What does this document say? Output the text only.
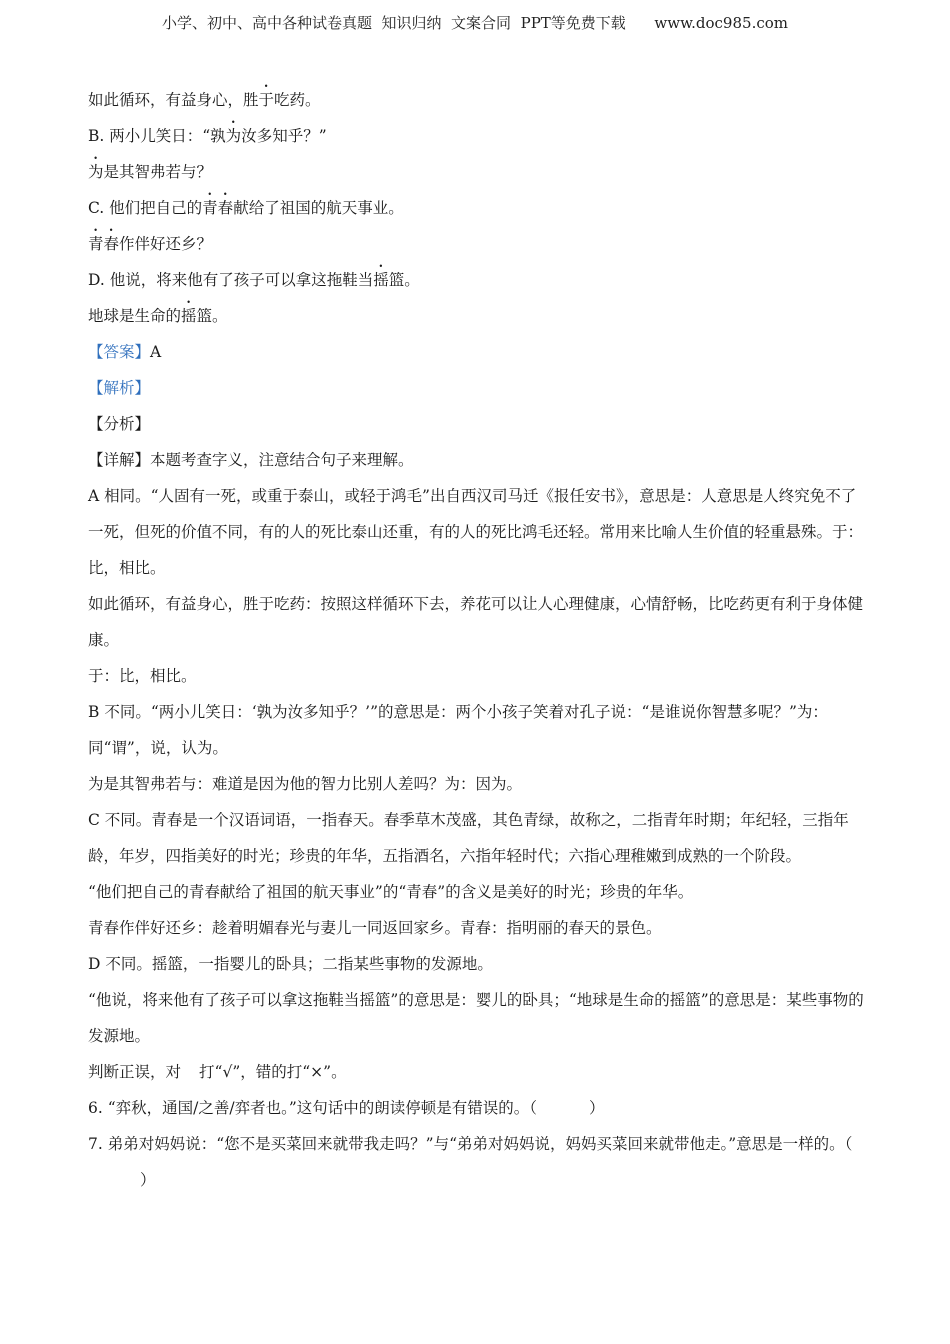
小学、初中、高中各种试卷真题  知识归纳  文案合同  PPT等免费下载      www.doc985.com
如此循环，有益身心，胜于吃药。
B. 两小儿笑日：“孰为汝多知乎？”
为是其智弗若与？
C. 他们把自己的青春献给了祖国的航天事业。
青春作伴好还乡？
D. 他说，将来他有了孩子可以拿这拖鞋当摇篮。
地球是生命的摇篮。
【答案】A
【解析】
【分析】
【详解】本题考查字义，注意结合句子来理解。
A 相同。“人固有一死，或重于泰山，或轻于鸿毛”出自西汉司马迁《报任安书》，意思是：人意思是人终究免不了一死，但死的价值不同，有的人的死比泰山还重，有的人的死比鸿毛还轻。常用来比喻人生价值的轻重悬殊。于：比，相比。
如此循环，有益身心，胜于吃药：按照这样循环下去，养花可以让人心理健康，心情舒畅，比吃药更有利于身体健康。
于：比，相比。
B 不同。“两小儿笑日：‘孰为汝多知乎？’”的意思是：两个小孩子笑着对孔子说：“是谁说你智慧多呢？”为：同“谓”，说，认为。
为是其智弗若与：难道是因为他的智力比别人差吗？为：因为。
C 不同。青春是一个汉语词语，一指春天。春季草木茂盛，其色青绿，故称之，二指青年时期；年纪轻，三指年龄，年岁，四指美好的时光；珍贵的年华，五指酒名，六指年轻时代；六指心理稚嫩到成熟的一个阶段。
“他们把自己的青春献给了祖国的航天事业”的“青春”的含义是美好的时光；珍贵的年华。
青春作伴好还乡：趁着明媚春光与妻儿一同返回家乡。青春：指明丽的春天的景色。
D 不同。摇篮，一指婴儿的卧具；二指某些事物的发源地。
“他说，将来他有了孩子可以拿这拖鞋当摇篮”的意思是：婴儿的卧具；“地球是生命的摇篮”的意思是：某些事物的发源地。
判断正误，对 打“√”，错的打“×”。
6. “弈秋，通国/之善/弈者也。”这句话中的朗读停顿是有错误的。（	）
7. 弟弟对妈妈说：“您不是买菜回来就带我走吗？”与“弟弟对妈妈说，妈妈买菜回来就带他走。”意思是一样的。（）
